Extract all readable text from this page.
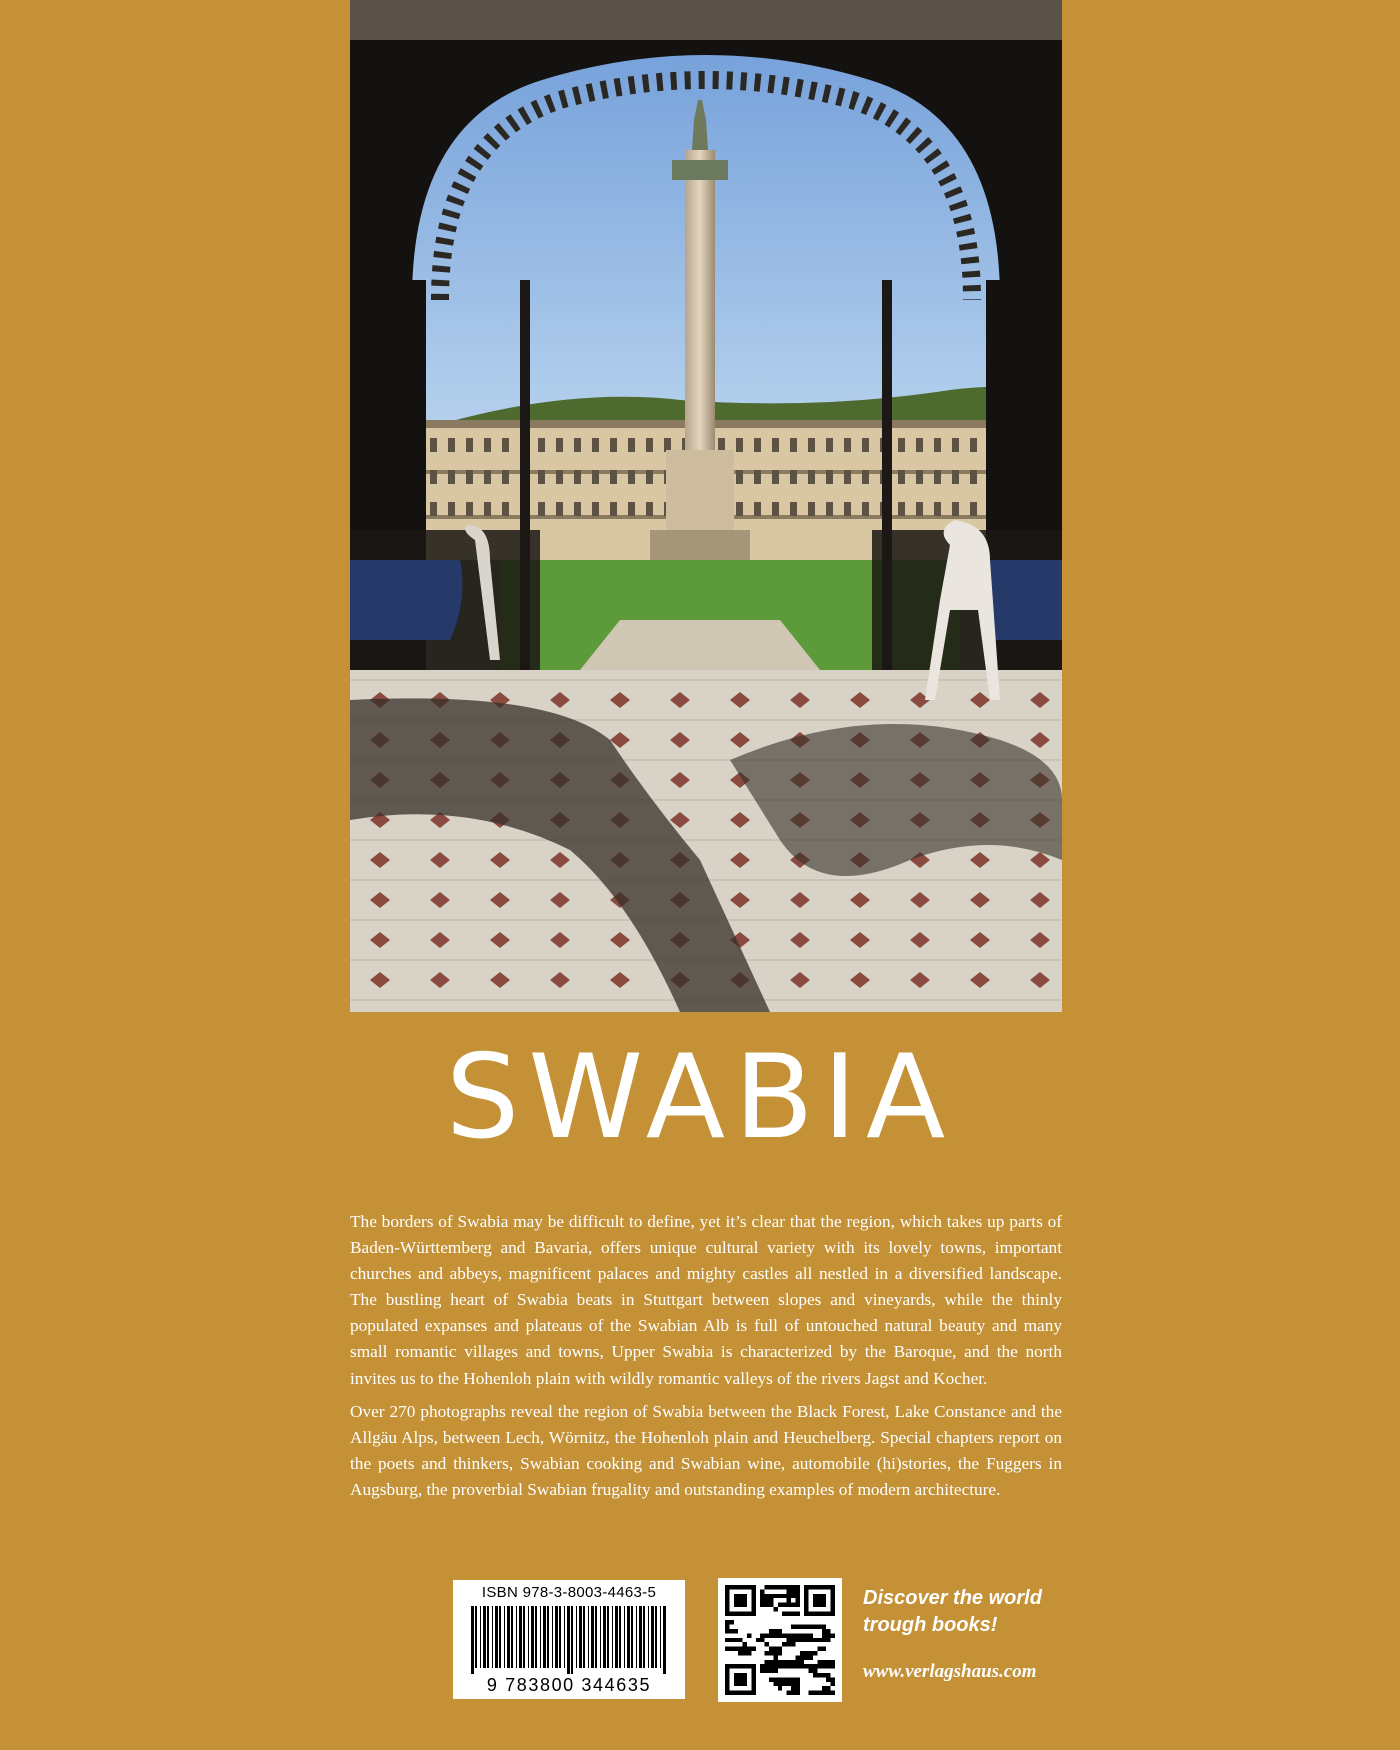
SWABIA

The borders of Swabia may be difficult to define, yet it’s clear that the region, which takes up parts of Baden-Württemberg and Bavaria, offers unique cultural variety with its lovely towns, important churches and abbeys, magnificent palaces and mighty castles all nestled in a diversified landscape. The bustling heart of Swabia beats in Stuttgart between slopes and vineyards, while the thinly populated expanses and plateaus of the Swabian Alb is full of untouched natural beauty and many small romantic villages and towns, Upper Swabia is characterized by the Baroque, and the north invites us to the Hohenloh plain with wildly romantic valleys of the rivers Jagst and Kocher.

Over 270 photographs reveal the region of Swabia between the Black Forest, Lake Constance and the Allgäu Alps, between Lech, Wörnitz, the Hohenloh plain and Heuchelberg. Special chapters report on the poets and thinkers, Swabian cooking and Swabian wine, automobile (hi)stories, the Fuggers in Augsburg, the proverbial Swabian frugality and outstanding examples of modern architecture.

ISBN 978-3-8003-4463-5
9 783800 344635
Discover the world
trough books!
www.verlagshaus.com
